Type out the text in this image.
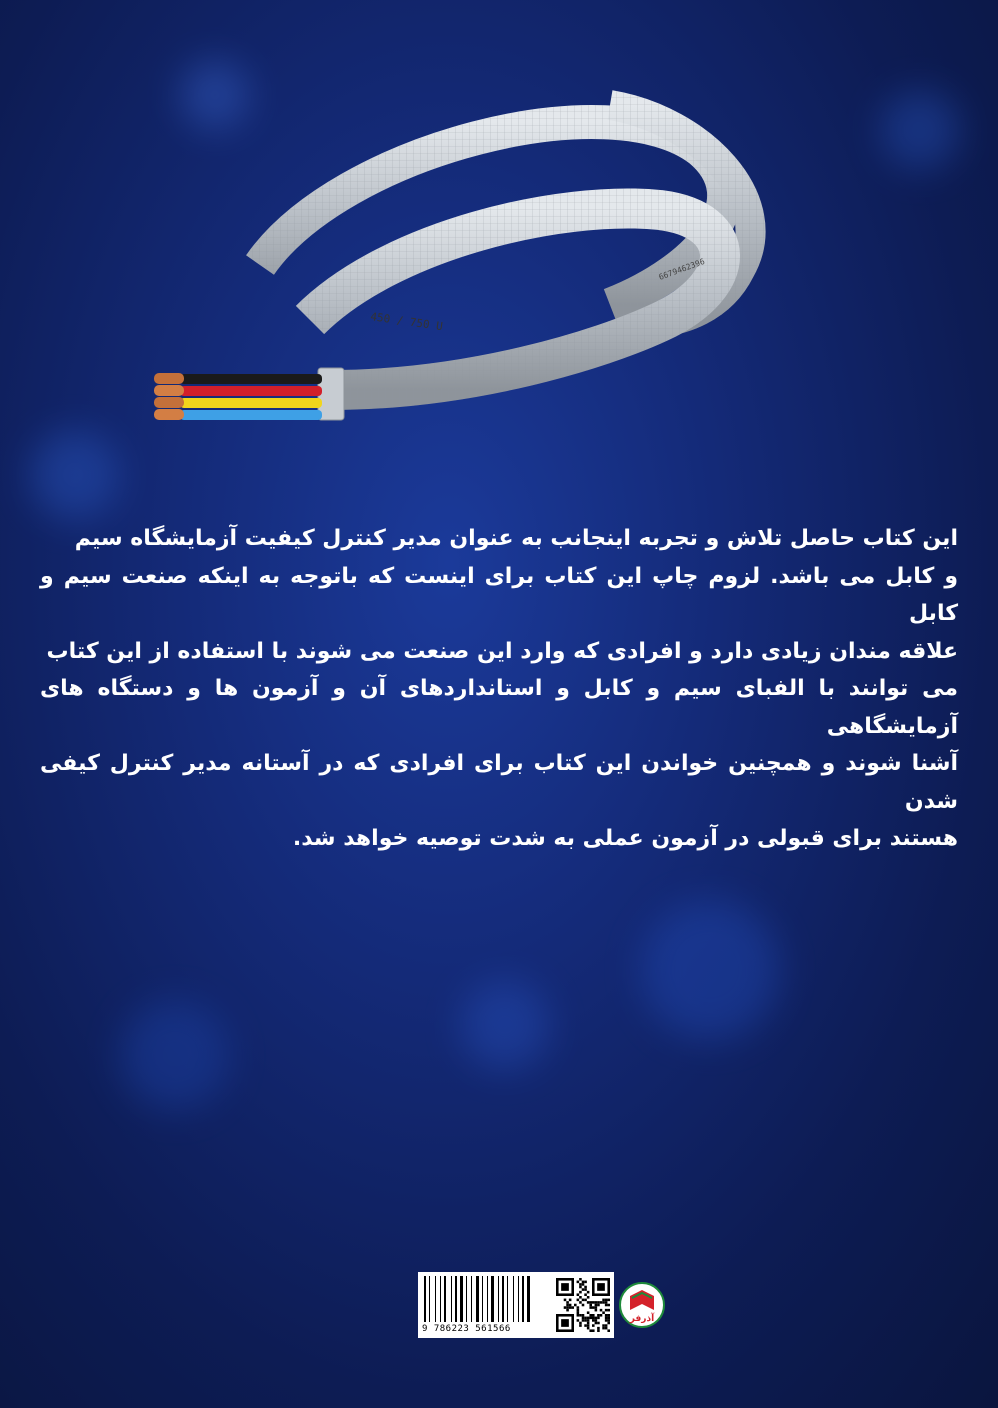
450 / 750 U
6679462396
این کتاب حاصل تلاش و تجربه اینجانب به عنوان مدیر کنترل کیفیت آزمایشگاه سیم
و کابل می باشد. لزوم چاپ این کتاب برای اینست که باتوجه به اینکه صنعت سیم و کابل
علاقه مندان زیادی دارد و افرادی که وارد این صنعت می شوند با استفاده از این کتاب
می توانند با الفبای سیم و کابل و استانداردهای آن و آزمون ها و دستگاه های آزمایشگاهی
آشنا شوند و همچنین خواندن این کتاب برای افرادی که در آستانه مدیر کنترل کیفی شدن
هستند برای قبولی در آزمون عملی به شدت توصیه خواهد شد.
9 786223 561566
آذرفر
